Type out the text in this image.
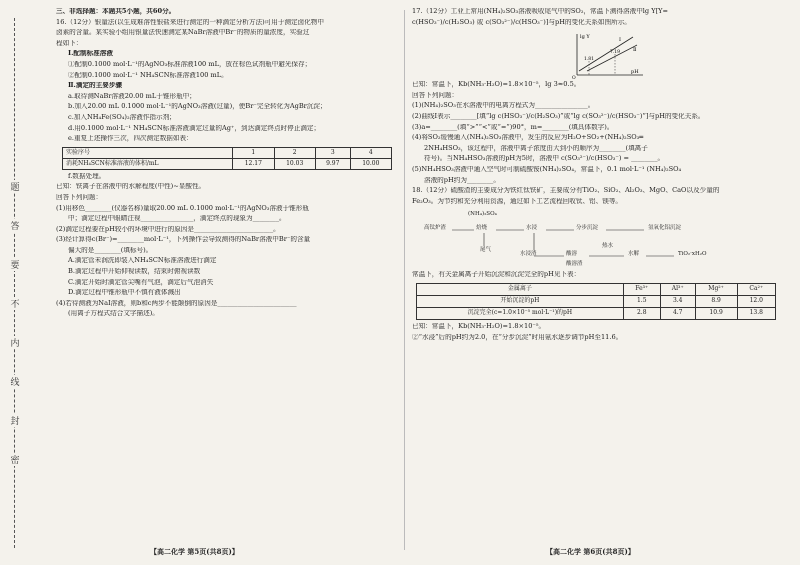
题
答
要
不
内
线
封
密
三、非选择题：本题共5小题，共60分。
16.（12分）银量法(以生成难溶性银盐来进行测定的一种滴定分析方法)可用于测定卤化物中
卤素的含量。某实验小组用银量法快速测定某NaBr溶液中Br⁻的物质的量浓度，实验过
程如下：
Ⅰ.配制标准溶液
①配制0.1000 mol·L⁻¹的AgNO₃标准溶液100 mL，放在棕色试剂瓶中避光保存；
②配制0.1000 mol·L⁻¹ NH₄SCN标准溶液100 mL。
Ⅱ.滴定的主要步骤
a.取待测NaBr溶液20.00 mL于锥形瓶中；
b.加入20.00 mL 0.1000 mol·L⁻¹的AgNO₃溶液(过量)，使Br⁻完全转化为AgBr沉淀；
c.加入NH₄Fe(SO₄)₂溶液作指示剂；
d.用0.1000 mol·L⁻¹ NH₄SCN标准溶液滴定过量的Ag⁺，到达滴定终点时停止滴定；
e.重复上述操作三次，四次测定数据如表：
实验序号	1	2	3	4
消耗NH₄SCN标准溶液的体积/mL	12.17	10.03	9.97	10.00
f.数据处理。
已知：铁离子在溶液中的水解程度(中性)~显酸性。
回答下列问题：
(1)用移色________(仪器名称)量取20.00 mL 0.1000 mol·L⁻¹的AgNO₃溶液于锥形瓶
中；滴定过程中眼睛注视________________，滴定终点的现象为________。
(2)滴定过程要在pH较小的环境中进行的原因是________________________。
(3)经计算得c(Br⁻)=________mol·L⁻¹，下列操作会导致测得的NaBr溶液中Br⁻的含量
偏大的是________(填标号)。
A.滴定管未润洗即装入NH₄SCN标准溶液进行滴定
B.滴定过程中开始仰视读数，结束时俯视读数
C.滴定开始时滴定管尖嘴有气泡，滴定后气泡消失
D.滴定过程中锥形瓶中不慎有液体溅出
(4)若待测液为NaI溶液，则b和c两步不能颠倒的原因是________________________
(用离子方程式结合文字描述)。
【高二化学 第5页(共8页)】
17.（12分）工业上常用(NH₄)₂SO₃溶液吸收尾气中的SO₂，常温下测得溶液中lg Y[Y=
c(HSO₃⁻)/c(H₂SO₃) 或 c(SO₃²⁻)/c(HSO₃⁻)]与pH的变化关系如图所示。
lg Y
pH
Ⅰ
Ⅱ
1.81
7.19
O
已知：常温下，Kb(NH₃·H₂O)=1.8×10⁻⁵，lg 3≈0.5。
回答下列问题：
(1)(NH₄)₂SO₃在水溶液中的电离方程式为________________。
(2)曲线Ⅰ表示________[填“lg c(HSO₃⁻)/c(H₂SO₃)”或“lg c(SO₃²⁻)/c(HSO₃⁻)”]与pH的变化关系。
(3)a=________(填“>”“<”或“=”)90°，m=________(填具体数字)。
(4)将SO₂缓慢通入(NH₄)₂SO₃溶液中，发生的反应为H₂O+SO₂+(NH₄)₂SO₃═
2NH₄HSO₃，该过程中，溶液中离子浓度由大到小的顺序为________(填离子
符号)。当NH₄HSO₃溶液的pH为5时，溶液中 c(SO₃²⁻)/c(HSO₃⁻) = ________。
(5)NH₄HSO₃溶液中通入空气时可制硫酸铵(NH₄)₂SO₄，常温下，0.1 mol·L⁻¹ (NH₄)₂SO₄
溶液的pH约为________。
18.（12分）硫酸渣的主要成分为铁红钛铁矿，主要成分有TiO₂、SiO₂、Al₂O₃、MgO、CaO以及少量的
Fe₂O₃。为节约和充分利用资源，通过如下工艺流程回收钛、铝、镁等。
高钛炉渣	焙烧	水浸	分步沉淀	氢氧化铝沉淀
尾气
水浸渣	酸溶
热水
水解	TiO₂·xH₂O
(NH₄)₂SO₄
酸溶渣
常温下，有关金属离子开始沉淀和沉淀完全的pH见下表：
金属离子	Fe³⁺	Al³⁺	Mg²⁺	Ca²⁺
开始沉淀的pH	1.5	3.4	8.9	12.0
沉淀完全(c=1.0×10⁻⁵ mol·L⁻¹)的pH	2.8	4.7	10.9	13.8
已知：常温下，Kb(NH₃·H₂O)=1.8×10⁻⁵。
②“水浸”后的pH约为2.0，在“分步沉淀”时用氨水逐步调节pH至11.6。
【高二化学 第6页(共8页)】
